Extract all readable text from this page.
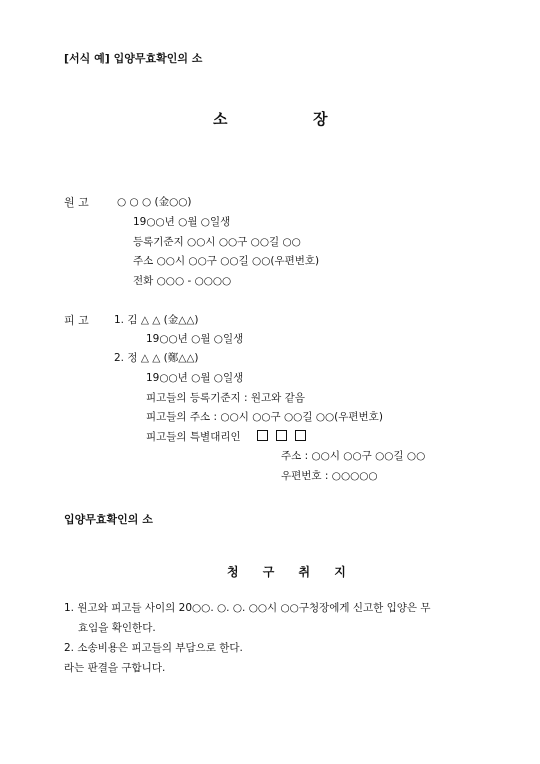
[서식 예] 입양무효확인의 소
소	장
원 고	○ ○ ○ (金○○)
19○○년 ○월 ○일생
등록기준지 ○○시 ○○구 ○○길 ○○
주소 ○○시 ○○구 ○○길 ○○(우편번호)
전화 ○○○ - ○○○○
피 고 1. 김 △ △ (金△△)
19○○년 ○월 ○일생
2. 정 △ △ (鄭△△)
19○○년 ○월 ○일생
피고들의 등록기준지 : 원고와 같음
피고들의 주소 : ○○시 ○○구 ○○길 ○○(우편번호)
피고들의 특별대리인
주소 : ○○시 ○○구 ○○길 ○○
우편번호 : ○○○○○
입양무효확인의 소
청 구 취 지
1. 원고와 피고들 사이의 20○○. ○. ○. ○○시 ○○구청장에게 신고한 입양은 무
효임을 확인한다.
2. 소송비용은 피고들의 부담으로 한다.
라는 판결을 구합니다.
